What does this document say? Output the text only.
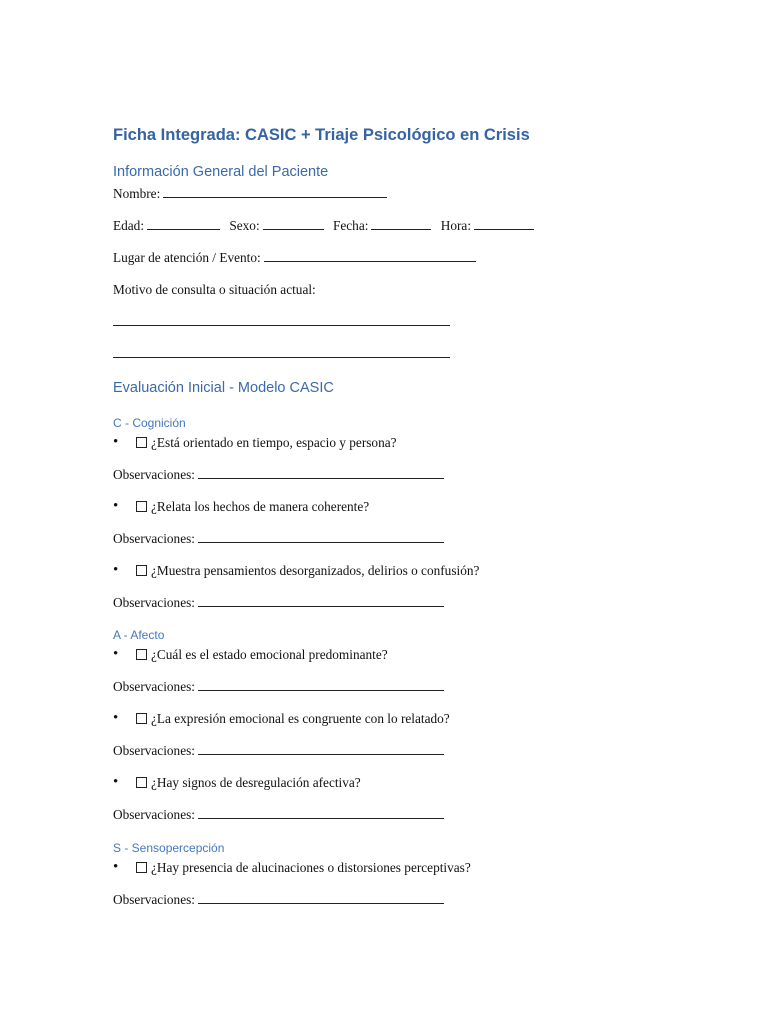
Ficha Integrada: CASIC + Triaje Psicológico en Crisis
Información General del Paciente
Nombre:
Edad:	Sexo:	Fecha:	Hora:
Lugar de atención / Evento:
Motivo de consulta o situación actual:
Evaluación Inicial - Modelo CASIC
C - Cognición
•	¿Está orientado en tiempo, espacio y persona?
Observaciones:
•	¿Relata los hechos de manera coherente?
Observaciones:
•	¿Muestra pensamientos desorganizados, delirios o confusión?
Observaciones:
A - Afecto
•	¿Cuál es el estado emocional predominante?
Observaciones:
•	¿La expresión emocional es congruente con lo relatado?
Observaciones:
•	¿Hay signos de desregulación afectiva?
Observaciones:
S - Sensopercepción
•	¿Hay presencia de alucinaciones o distorsiones perceptivas?
Observaciones:
